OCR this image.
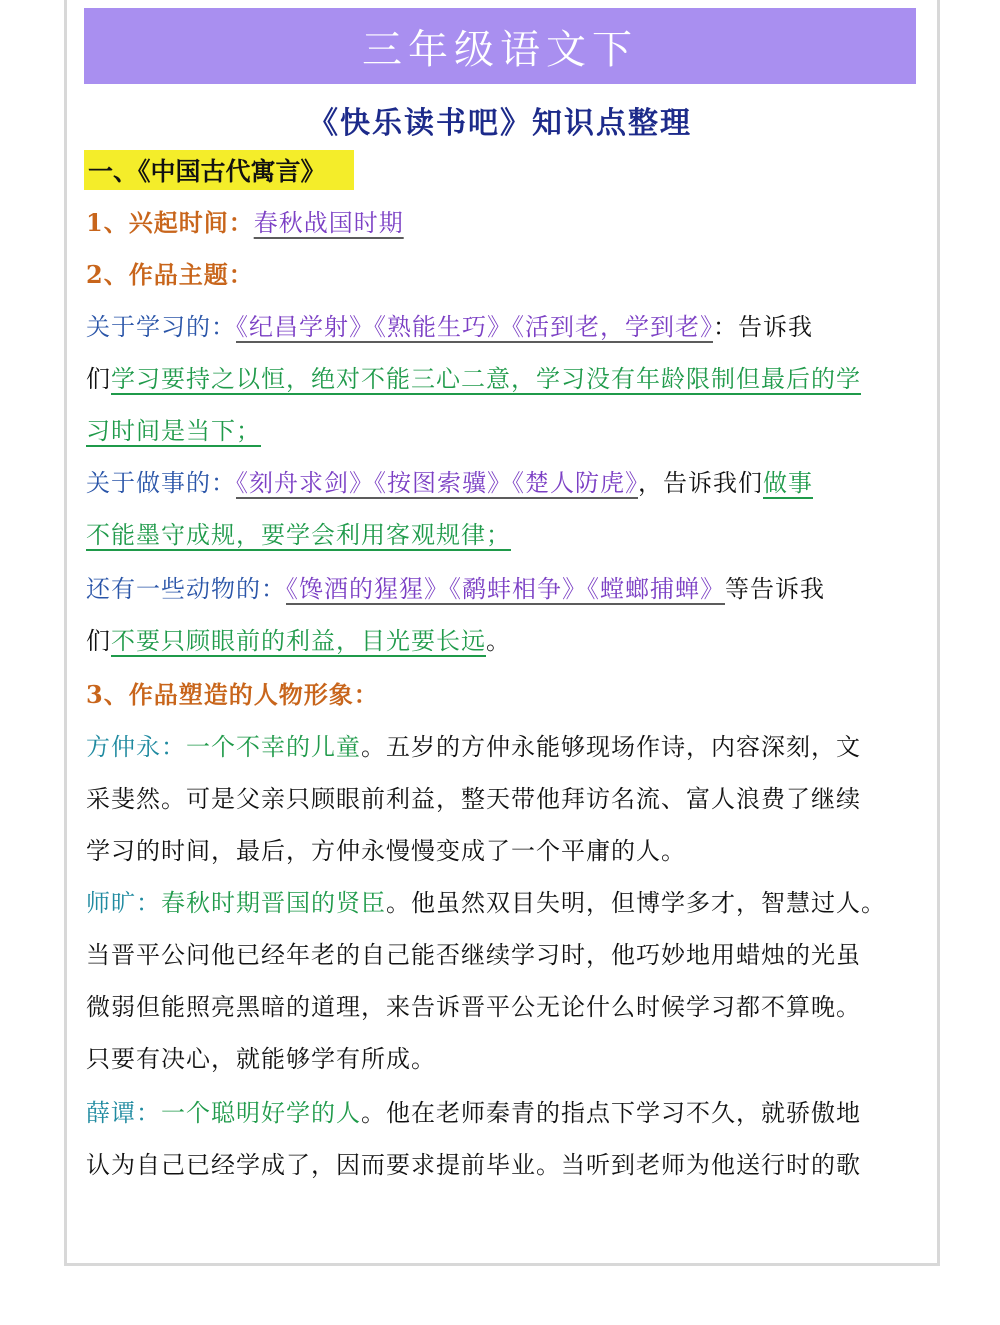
三年级语文下
《快乐读书吧》知识点整理
一、《中国古代寓言》
1、兴起时间：春秋战国时期
2、作品主题：
关于学习的：《纪昌学射》《熟能生巧》《活到老，学到老》：告诉我
们学习要持之以恒，绝对不能三心二意，学习没有年龄限制但最后的学
习时间是当下；
关于做事的：《刻舟求剑》《按图索骥》《楚人防虎》，告诉我们做事
不能墨守成规，要学会利用客观规律；
还有一些动物的：《馋酒的猩猩》《鹬蚌相争》《螳螂捕蝉》等告诉我
们不要只顾眼前的利益，目光要长远。
3、作品塑造的人物形象：
方仲永：一个不幸的儿童。五岁的方仲永能够现场作诗，内容深刻，文
采斐然。可是父亲只顾眼前利益，整天带他拜访名流、富人浪费了继续
学习的时间，最后，方仲永慢慢变成了一个平庸的人。
师旷：春秋时期晋国的贤臣。他虽然双目失明，但博学多才，智慧过人。
当晋平公问他已经年老的自己能否继续学习时，他巧妙地用蜡烛的光虽
微弱但能照亮黑暗的道理，来告诉晋平公无论什么时候学习都不算晚。
只要有决心，就能够学有所成。
薛谭：一个聪明好学的人。他在老师秦青的指点下学习不久，就骄傲地
认为自己已经学成了，因而要求提前毕业。当听到老师为他送行时的歌
